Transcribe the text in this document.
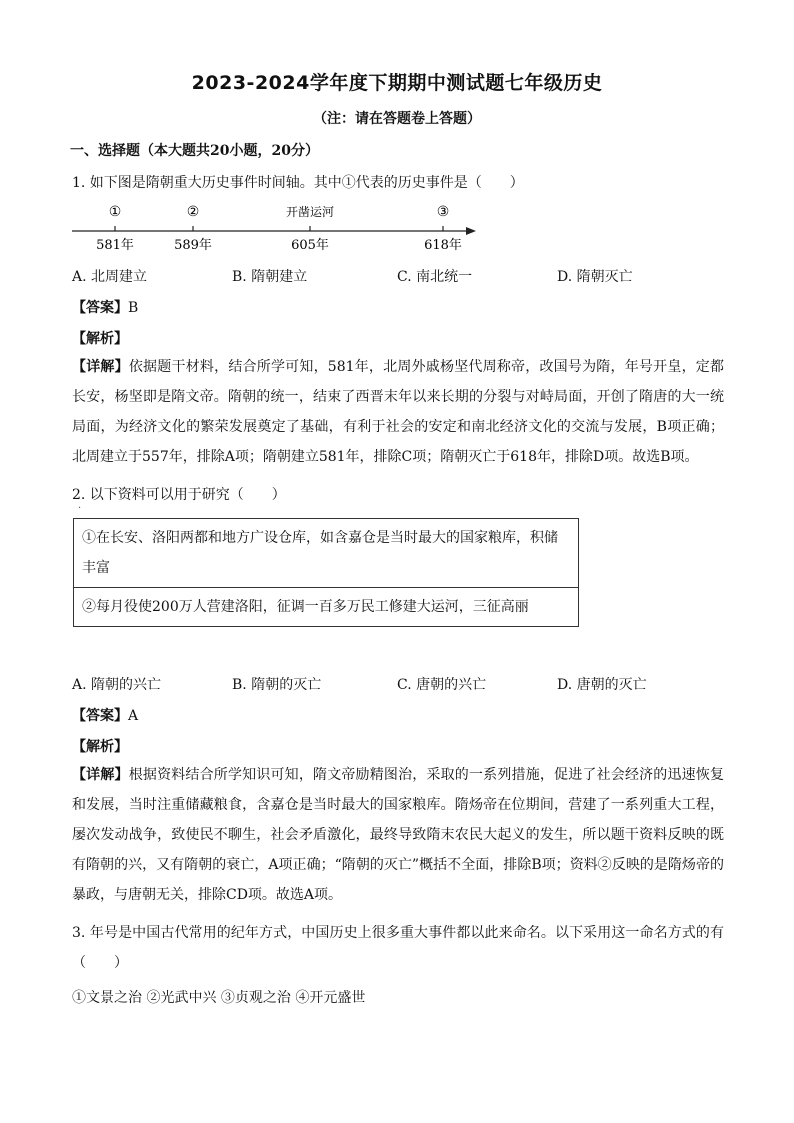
2023-2024学年度下期期中测试题七年级历史
（注：请在答题卷上答题）
一、选择题（本大题共20小题，20分）
1. 如下图是隋朝重大历史事件时间轴。其中①代表的历史事件是（　　）
①
581年
②
589年
开凿运河
605年
③
618年
A. 北周建立	B. 隋朝建立	C. 南北统一	D. 隋朝灭亡
【答案】B
【解析】
【详解】依据题干材料，结合所学可知，581年，北周外戚杨坚代周称帝，改国号为隋，年号开皇，定都长安，杨坚即是隋文帝。隋朝的统一，结束了西晋末年以来长期的分裂与对峙局面，开创了隋唐的大一统局面，为经济文化的繁荣发展奠定了基础，有利于社会的安定和南北经济文化的交流与发展，B项正确；北周建立于557年，排除A项；隋朝建立581年，排除C项；隋朝灭亡于618年，排除D项。故选B项。
2. 以下资料可以用于研究（　　）
·
①在长安、洛阳两都和地方广设仓库，如含嘉仓是当时最大的国家粮库，积储丰富
②每月役使200万人营建洛阳，征调一百多万民工修建大运河，三征高丽
A. 隋朝的兴亡	B. 隋朝的灭亡	C. 唐朝的兴亡	D. 唐朝的灭亡
【答案】A
【解析】
【详解】根据资料结合所学知识可知，隋文帝励精图治，采取的一系列措施，促进了社会经济的迅速恢复和发展，当时注重储藏粮食，含嘉仓是当时最大的国家粮库。隋炀帝在位期间，营建了一系列重大工程，屡次发动战争，致使民不聊生，社会矛盾激化，最终导致隋末农民大起义的发生，所以题干资料反映的既有隋朝的兴，又有隋朝的衰亡，A项正确；“隋朝的灭亡”概括不全面，排除B项；资料②反映的是隋炀帝的暴政，与唐朝无关，排除CD项。故选A项。
3. 年号是中国古代常用的纪年方式，中国历史上很多重大事件都以此来命名。以下采用这一命名方式的有（　　）
①文景之治 ②光武中兴 ③贞观之治 ④开元盛世
